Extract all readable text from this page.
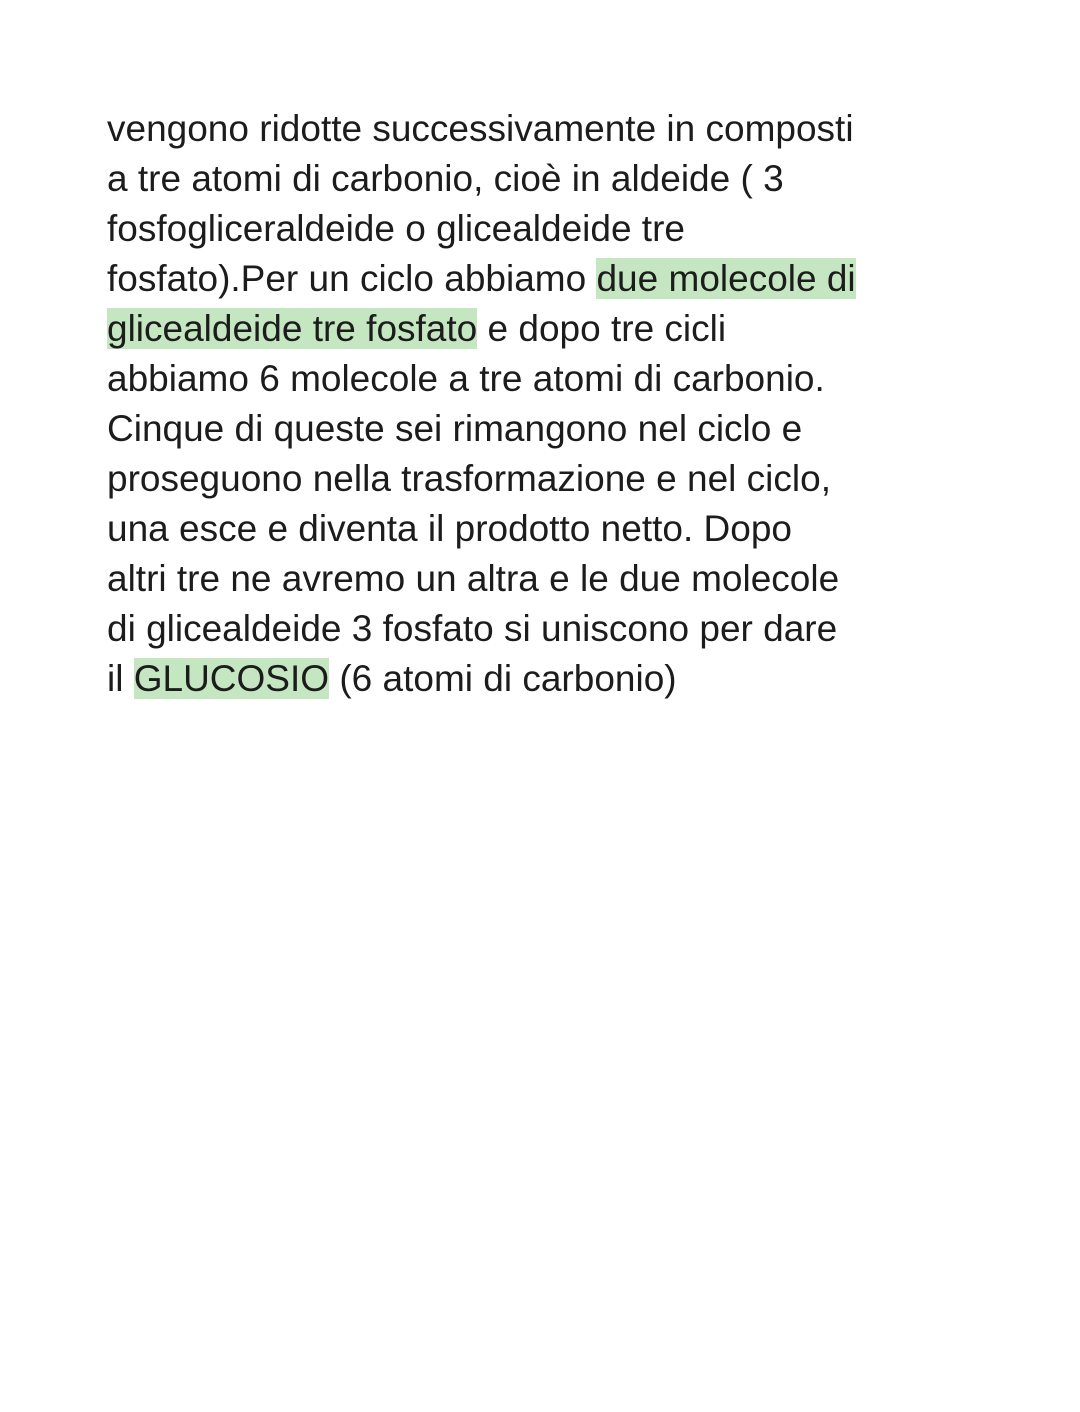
vengono ridotte successivamente in composti
a tre atomi di carbonio, cioè in aldeide ( 3
fosfogliceraldeide o glicealdeide tre
fosfato).Per un ciclo abbiamo due molecole di
glicealdeide tre fosfato e dopo tre cicli
abbiamo 6 molecole a tre atomi di carbonio.
Cinque di queste sei rimangono nel ciclo e
proseguono nella trasformazione e nel ciclo,
una esce e diventa il prodotto netto. Dopo
altri tre ne avremo un altra e le due molecole
di glicealdeide 3 fosfato si uniscono per dare
il GLUCOSIO (6 atomi di carbonio)
